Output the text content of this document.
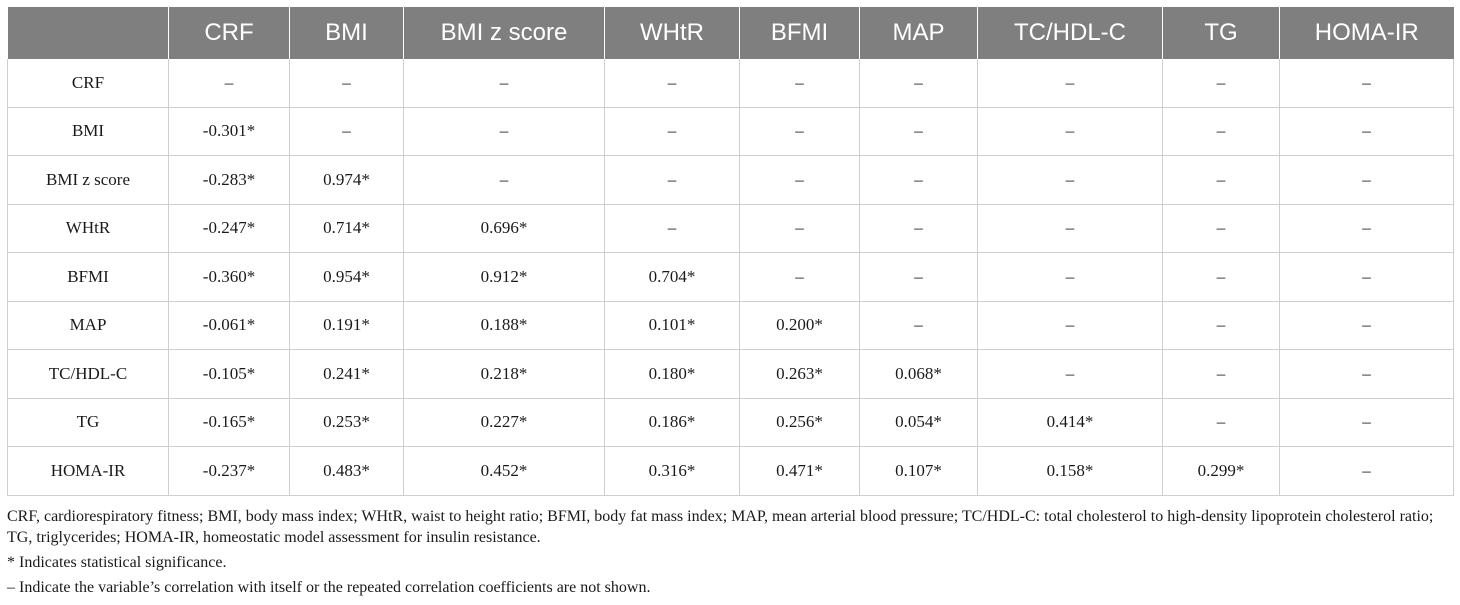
	CRF	BMI	BMI z score	WHtR	BFMI	MAP	TC/HDL-C	TG	HOMA-IR
CRF	–	–	–	–	–	–	–	–	–
BMI	-0.301*	–	–	–	–	–	–	–	–
BMI z score	-0.283*	0.974*	–	–	–	–	–	–	–
WHtR	-0.247*	0.714*	0.696*	–	–	–	–	–	–
BFMI	-0.360*	0.954*	0.912*	0.704*	–	–	–	–	–
MAP	-0.061*	0.191*	0.188*	0.101*	0.200*	–	–	–	–
TC/HDL-C	-0.105*	0.241*	0.218*	0.180*	0.263*	0.068*	–	–	–
TG	-0.165*	0.253*	0.227*	0.186*	0.256*	0.054*	0.414*	–	–
HOMA-IR	-0.237*	0.483*	0.452*	0.316*	0.471*	0.107*	0.158*	0.299*	–

CRF, cardiorespiratory fitness; BMI, body mass index; WHtR, waist to height ratio; BFMI, body fat mass index; MAP, mean arterial blood pressure; TC/HDL-C: total cholesterol to high-density lipoprotein cholesterol ratio; TG, triglycerides; HOMA-IR, homeostatic model assessment for insulin resistance.

* Indicates statistical significance.

– Indicate the variable’s correlation with itself or the repeated correlation coefficients are not shown.
